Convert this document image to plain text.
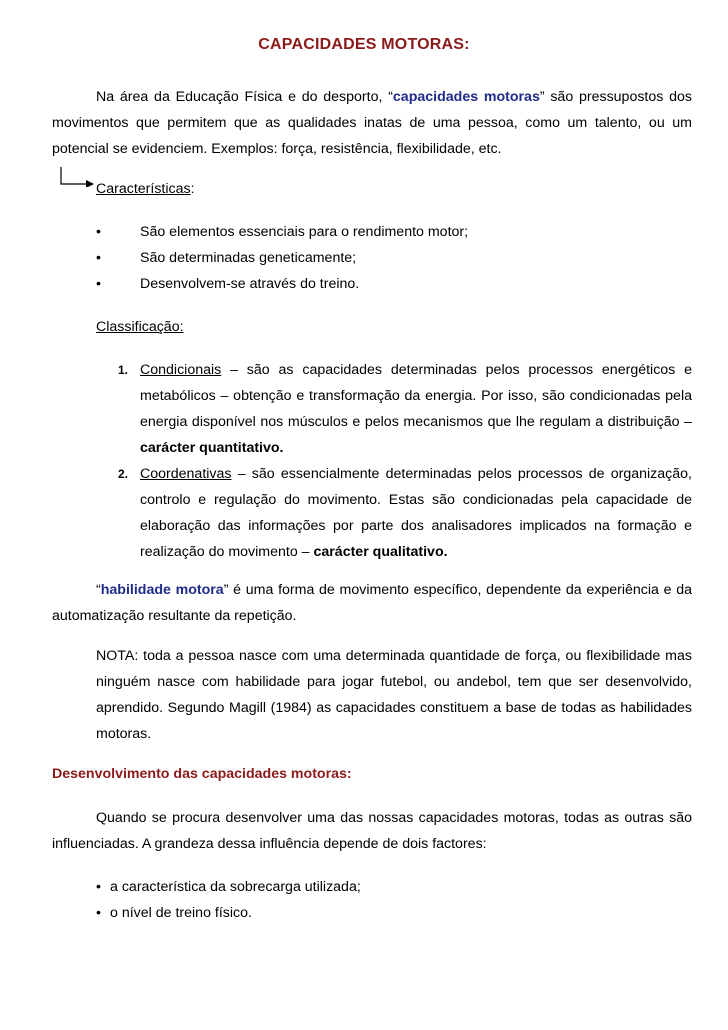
CAPACIDADES MOTORAS:

Na área da Educação Física e do desporto, “capacidades motoras” são pressupostos dos movimentos que permitem que as qualidades inatas de uma pessoa, como um talento, ou um potencial se evidenciem. Exemplos: força, resistência, flexibilidade, etc.

Características:
•	São elementos essenciais para o rendimento motor;
•	São determinadas geneticamente;
•	Desenvolvem-se através do treino.
Classificação:
1. Condicionais – são as capacidades determinadas pelos processos energéticos e metabólicos – obtenção e transformação da energia. Por isso, são condicionadas pela energia disponível nos músculos e pelos mecanismos que lhe regulam a distribuição – carácter quantitativo.
2. Coordenativas – são essencialmente determinadas pelos processos de organização, controlo e regulação do movimento. Estas são condicionadas pela capacidade de elaboração das informações por parte dos analisadores implicados na formação e realização do movimento – carácter qualitativo.

“habilidade motora” é uma forma de movimento específico, dependente da experiência e da automatização resultante da repetição.

NOTA: toda a pessoa nasce com uma determinada quantidade de força, ou flexibilidade mas ninguém nasce com habilidade para jogar futebol, ou andebol, tem que ser desenvolvido, aprendido. Segundo Magill (1984) as capacidades constituem a base de todas as habilidades motoras.

Desenvolvimento das capacidades motoras:

Quando se procura desenvolver uma das nossas capacidades motoras, todas as outras são influenciadas. A grandeza dessa influência depende de dois factores:

• a característica da sobrecarga utilizada;
• o nível de treino físico.
